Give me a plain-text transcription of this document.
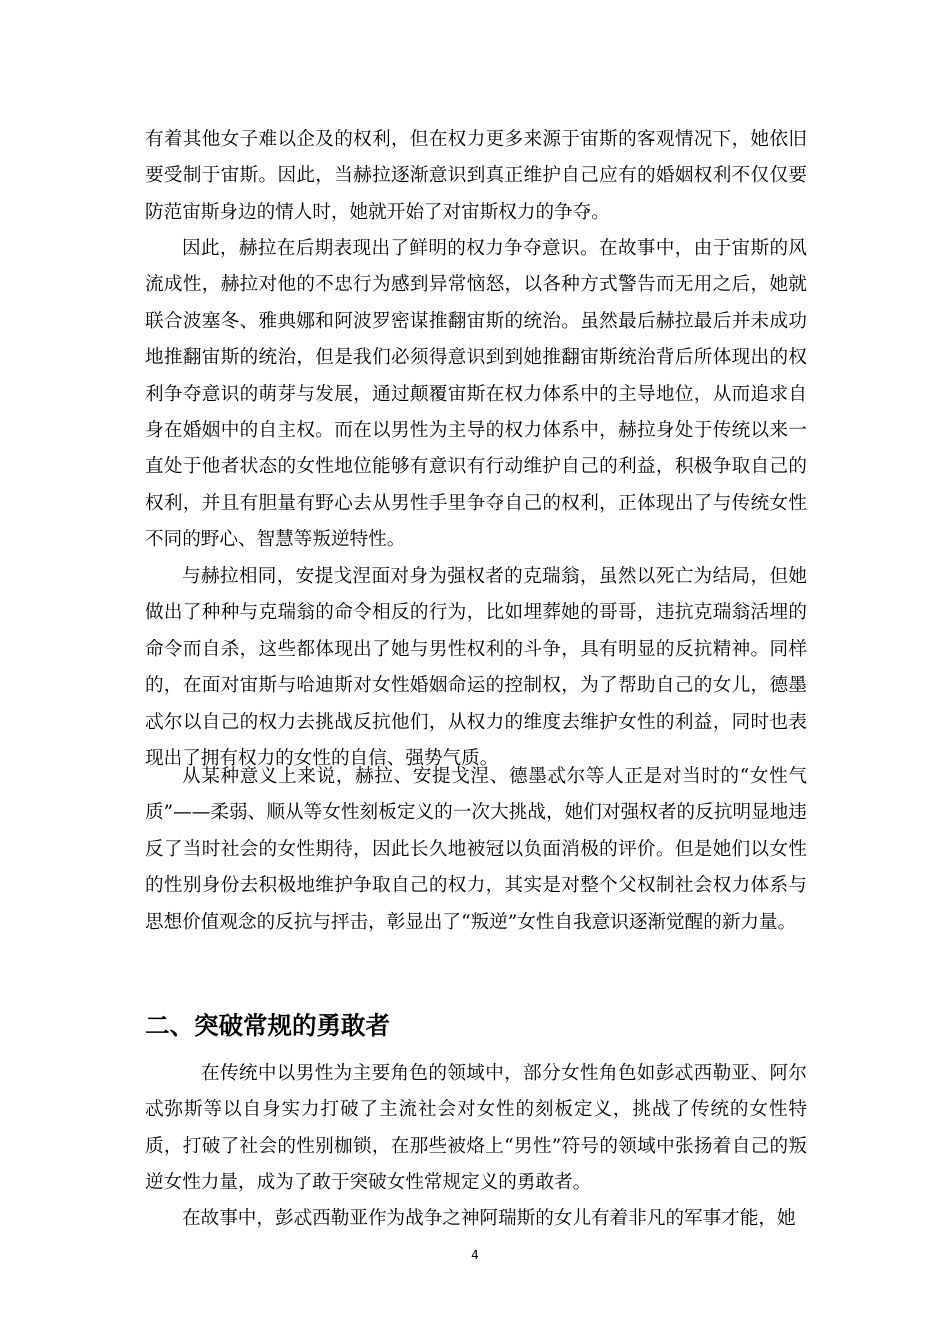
有着其他女子难以企及的权利，但在权力更多来源于宙斯的客观情况下，她依旧要受制于宙斯。因此，当赫拉逐渐意识到真正维护自己应有的婚姻权利不仅仅要防范宙斯身边的情人时，她就开始了对宙斯权力的争夺。

因此，赫拉在后期表现出了鲜明的权力争夺意识。在故事中，由于宙斯的风流成性，赫拉对他的不忠行为感到异常恼怒，以各种方式警告而无用之后，她就联合波塞冬、雅典娜和阿波罗密谋推翻宙斯的统治。虽然最后赫拉最后并未成功地推翻宙斯的统治，但是我们必须得意识到到她推翻宙斯统治背后所体现出的权利争夺意识的萌芽与发展，通过颠覆宙斯在权力体系中的主导地位，从而追求自身在婚姻中的自主权。而在以男性为主导的权力体系中，赫拉身处于传统以来一直处于他者状态的女性地位能够有意识有行动维护自己的利益，积极争取自己的权利，并且有胆量有野心去从男性手里争夺自己的权利，正体现出了与传统女性不同的野心、智慧等叛逆特性。

与赫拉相同，安提戈涅面对身为强权者的克瑞翁，虽然以死亡为结局，但她做出了种种与克瑞翁的命令相反的行为，比如埋葬她的哥哥，违抗克瑞翁活埋的命令而自杀，这些都体现出了她与男性权利的斗争，具有明显的反抗精神。同样的，在面对宙斯与哈迪斯对女性婚姻命运的控制权，为了帮助自己的女儿，德墨忒尔以自己的权力去挑战反抗他们，从权力的维度去维护女性的利益，同时也表现出了拥有权力的女性的自信、强势气质。

从某种意义上来说，赫拉、安提戈涅、德墨忒尔等人正是对当时的“女性气质”——柔弱、顺从等女性刻板定义的一次大挑战，她们对强权者的反抗明显地违反了当时社会的女性期待，因此长久地被冠以负面消极的评价。但是她们以女性的性别身份去积极地维护争取自己的权力，其实是对整个父权制社会权力体系与思想价值观念的反抗与抨击，彰显出了“叛逆”女性自我意识逐渐觉醒的新力量。

二、突破常规的勇敢者

在传统中以男性为主要角色的领域中，部分女性角色如彭忒西勒亚、阿尔忒弥斯等以自身实力打破了主流社会对女性的刻板定义，挑战了传统的女性特质，打破了社会的性别枷锁，在那些被烙上“男性”符号的领域中张扬着自己的叛逆女性力量，成为了敢于突破女性常规定义的勇敢者。

在故事中，彭忒西勒亚作为战争之神阿瑞斯的女儿有着非凡的军事才能，她

4
